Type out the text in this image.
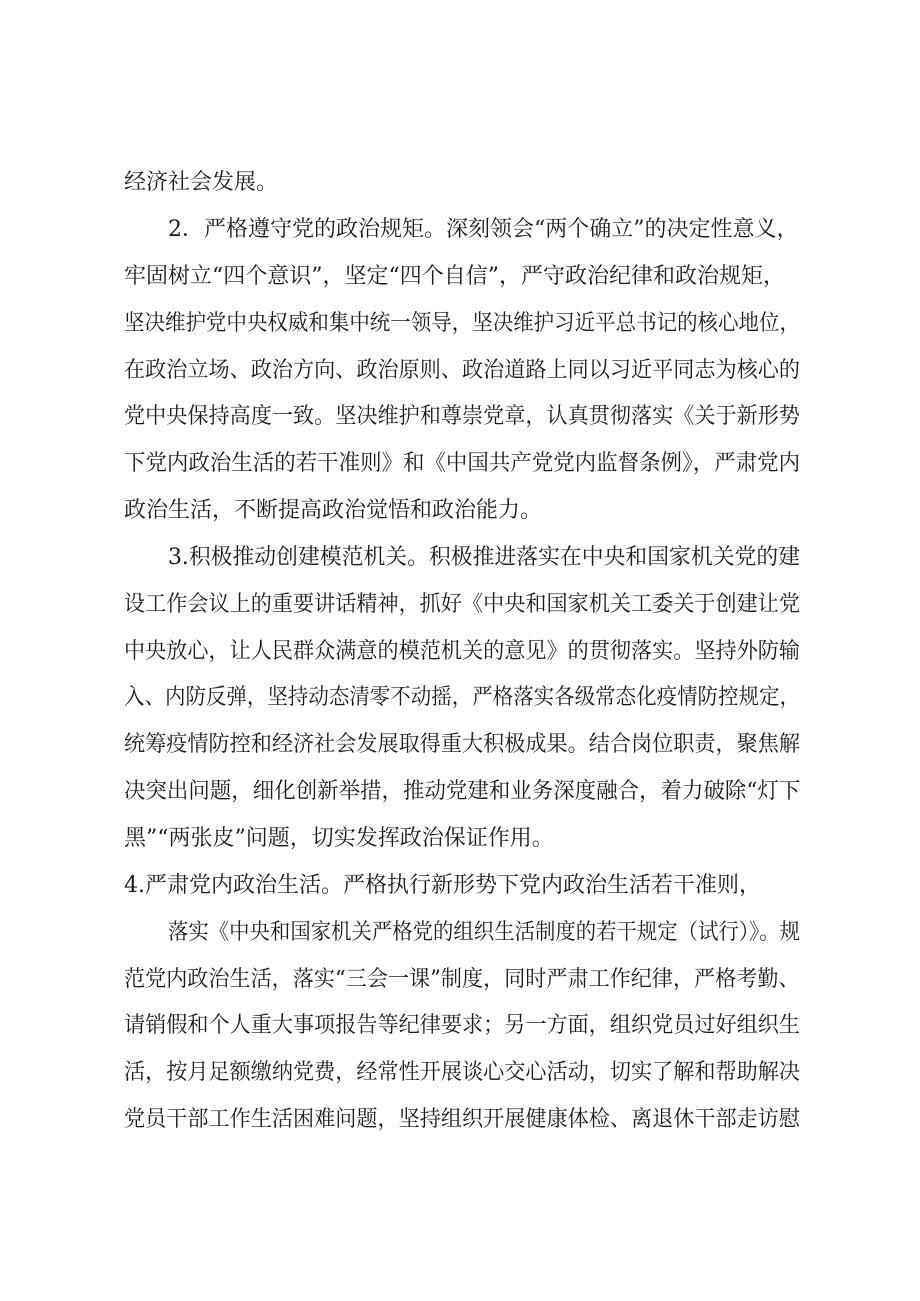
经济社会发展。

2．严格遵守党的政治规矩。深刻领会“两个确立”的决定性意义，

牢固树立“四个意识”，坚定“四个自信”，严守政治纪律和政治规矩，

坚决维护党中央权威和集中统一领导，坚决维护习近平总书记的核心地位，

在政治立场、政治方向、政治原则、政治道路上同以习近平同志为核心的

党中央保持高度一致。坚决维护和尊崇党章，认真贯彻落实《关于新形势

下党内政治生活的若干准则》和《中国共产党党内监督条例》，严肃党内

政治生活，不断提高政治觉悟和政治能力。

3.积极推动创建模范机关。积极推进落实在中央和国家机关党的建

设工作会议上的重要讲话精神，抓好《中央和国家机关工委关于创建让党

中央放心，让人民群众满意的模范机关的意见》的贯彻落实。坚持外防输

入、内防反弹，坚持动态清零不动摇，严格落实各级常态化疫情防控规定，

统筹疫情防控和经济社会发展取得重大积极成果。结合岗位职责，聚焦解

决突出问题，细化创新举措，推动党建和业务深度融合，着力破除“灯下

黑”“两张皮”问题，切实发挥政治保证作用。

4.严肃党内政治生活。严格执行新形势下党内政治生活若干准则，

落实《中央和国家机关严格党的组织生活制度的若干规定（试行）》。规

范党内政治生活，落实“三会一课”制度，同时严肃工作纪律，严格考勤、

请销假和个人重大事项报告等纪律要求；另一方面，组织党员过好组织生

活，按月足额缴纳党费，经常性开展谈心交心活动，切实了解和帮助解决

党员干部工作生活困难问题，坚持组织开展健康体检、离退休干部走访慰
